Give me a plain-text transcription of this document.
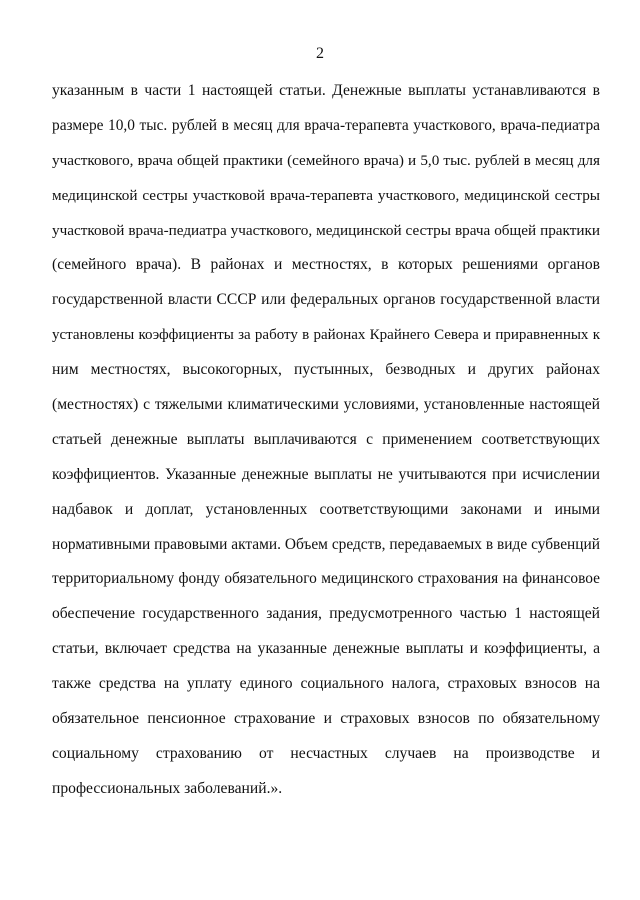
2
указанным в части 1 настоящей статьи. Денежные выплаты устанавливаются в
размере 10,0 тыс. рублей в месяц для врача-терапевта участкового, врача-педиатра
участкового, врача общей практики (семейного врача) и 5,0 тыс. рублей в месяц для
медицинской сестры участковой врача-терапевта участкового, медицинской сестры
участковой врача-педиатра участкового, медицинской сестры врача общей практики
(семейного врача). В районах и местностях, в которых решениями органов
государственной власти СССР или федеральных органов государственной власти
установлены коэффициенты за работу в районах Крайнего Севера и приравненных к
ним местностях, высокогорных, пустынных, безводных и других районах
(местностях) с тяжелыми климатическими условиями, установленные настоящей
статьей денежные выплаты выплачиваются с применением соответствующих
коэффициентов. Указанные денежные выплаты не учитываются при исчислении
надбавок и доплат, установленных соответствующими законами и иными
нормативными правовыми актами. Объем средств, передаваемых в виде субвенций
территориальному фонду обязательного медицинского страхования на финансовое
обеспечение государственного задания, предусмотренного частью 1 настоящей
статьи, включает средства на указанные денежные выплаты и коэффициенты, а
также средства на уплату единого социального налога, страховых взносов на
обязательное пенсионное страхование и страховых взносов по обязательному
социальному страхованию от несчастных случаев на производстве и
профессиональных заболеваний.».
